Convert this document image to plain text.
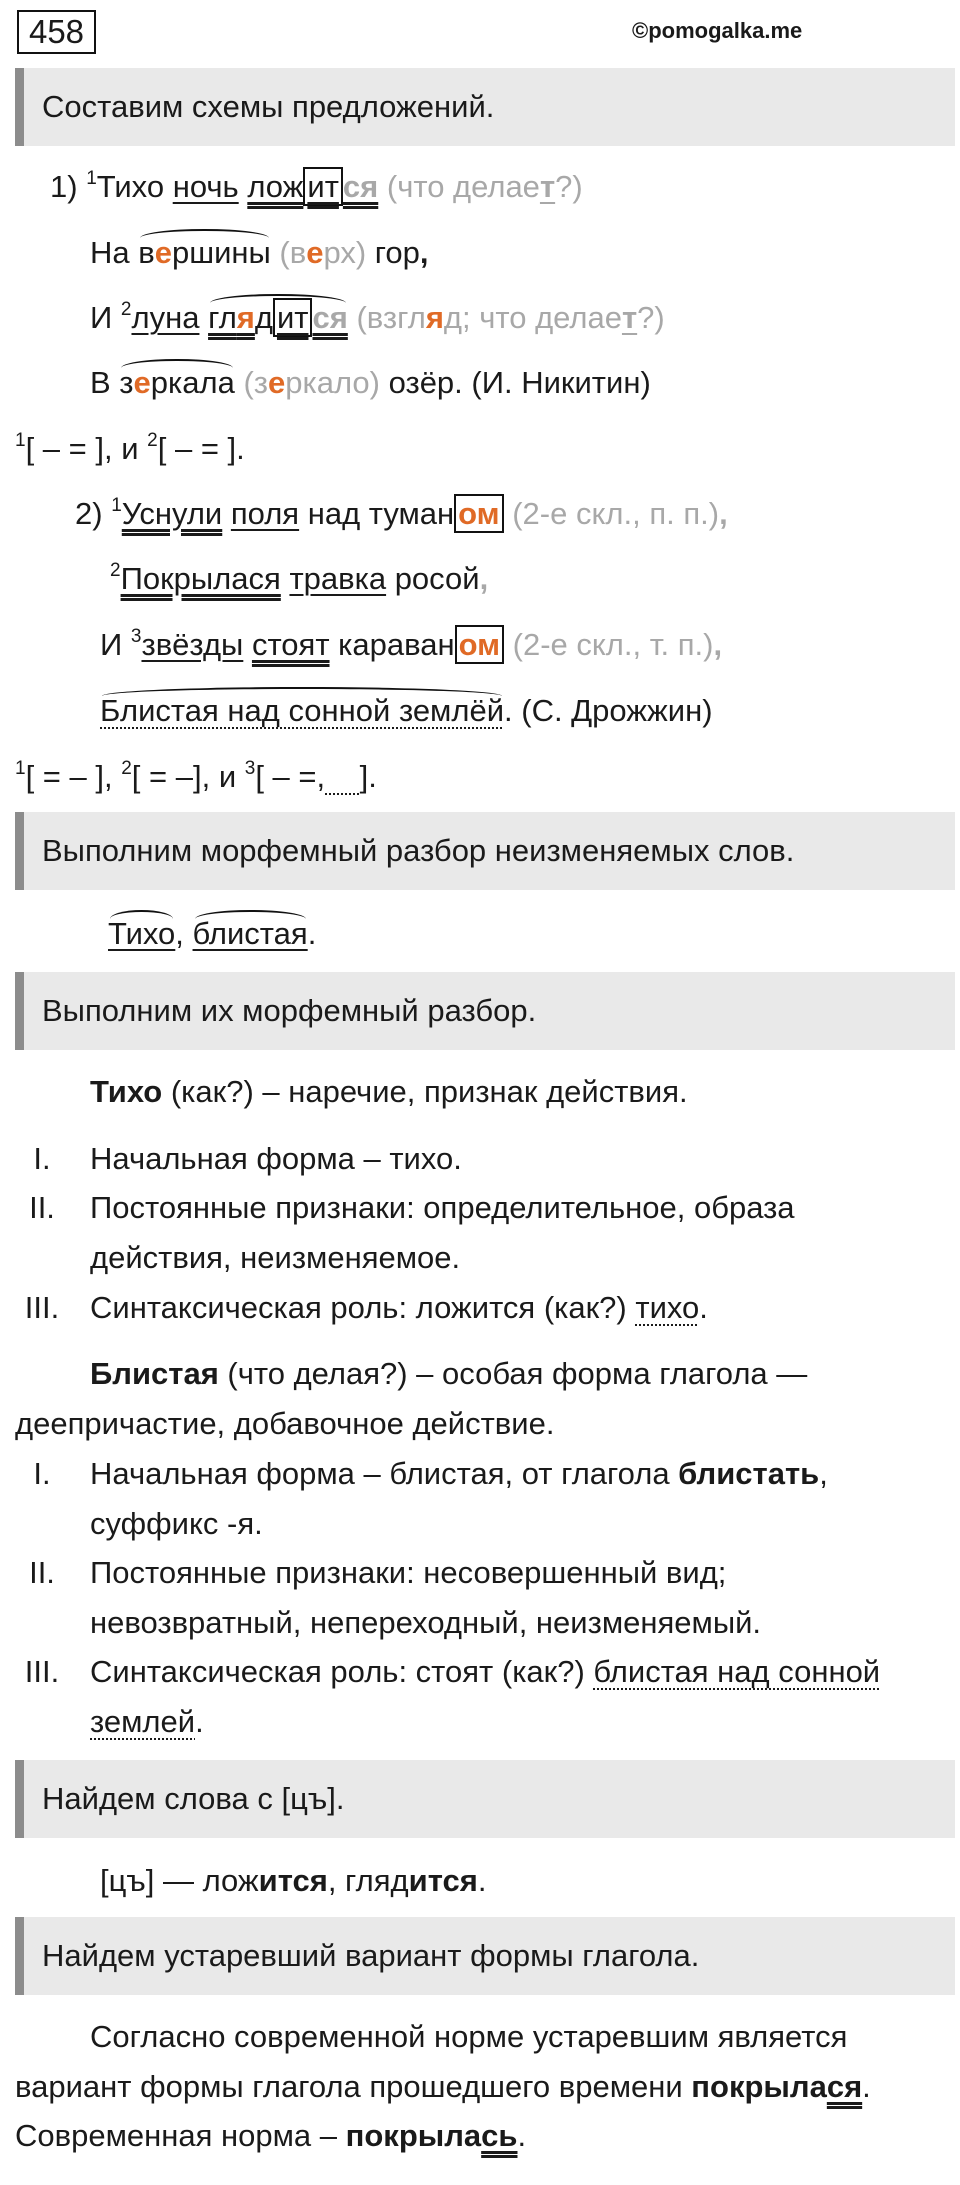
458	©pomogalka.me
Составим схемы предложений.
1) $^1$Тихо ночь лож ит ся (что делает?)
На вершины (верх) гор,
И $^2$луна гляд ит ся (взгляд; что делает?)
В зеркала (зеркало) озёр. (И. Никитин)
$^1$[ – = ], и $^2$[ – = ].
2) $^1$Уснули поля над туман ом (2-е скл., п. п.),
$^2$Покрылася травка росой,
И $^3$звёзды стоят караван ом (2-е скл., т. п.),
Блистая над сонной землёй. (С. Дрожжин)
$^1$[ = – ], $^2$[ = –], и $^3$[ – =, ].
Выполним морфемный разбор неизменяемых слов.
Тихо, блистая.
Выполним их морфемный разбор.
Тихо (как?) – наречие, признак действия.
I.	Начальная форма – тихо.
II.	Постоянные признаки: определительное, образа
действия, неизменяемое.
III. Синтаксическая роль: ложится (как?) тихо.
Блистая (что делая?) – особая форма глагола —
деепричастие, добавочное действие.
I.	Начальная форма – блистая, от глагола блистать,
суффикс -я.
II.	Постоянные признаки: несовершенный вид;
невозвратный, непереходный, неизменяемый.
III. Синтаксическая роль: стоят (как?) блистая над сонной
землей.
Найдем слова с [цъ].
[цъ] — ложится, глядится.
Найдем устаревший вариант формы глагола.
Согласно современной норме устаревшим является
вариант формы глагола прошедшего времени покрылася.
Современная норма – покрылась.
